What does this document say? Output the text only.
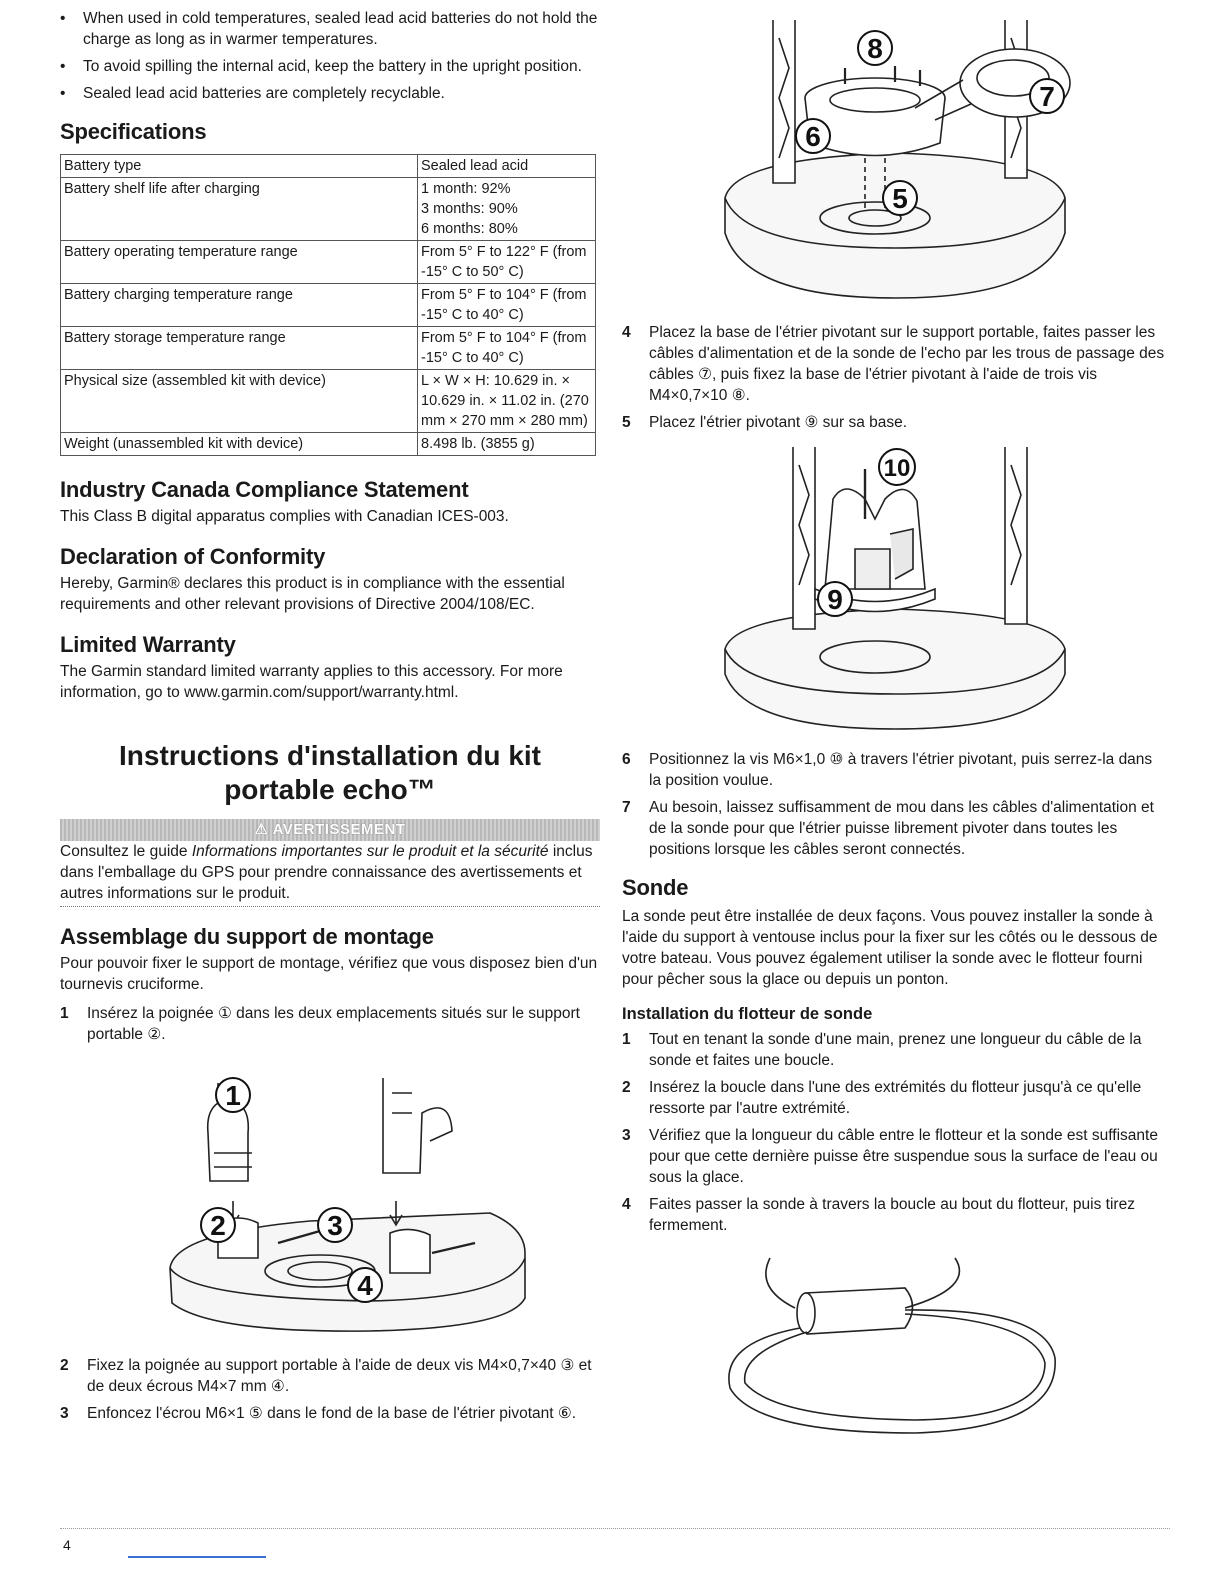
• When used in cold temperatures, sealed lead acid batteries do not hold the charge as long as in warmer temperatures.
• To avoid spilling the internal acid, keep the battery in the upright position.
• Sealed lead acid batteries are completely recyclable.
Specifications
Battery type	Sealed lead acid
Battery shelf life after charging	1 month: 92%
3 months: 90%
6 months: 80%
Battery operating temperature range	From 5° F to 122° F (from
-15° C to 50° C)
Battery charging temperature range	From 5° F to 104° F (from
-15° C to 40° C)
Battery storage temperature range	From 5° F to 104° F (from
-15° C to 40° C)
Physical size (assembled kit with device)	L × W × H: 10.629 in. ×
10.629 in. × 11.02 in. (270
mm × 270 mm × 280 mm)
Weight (unassembled kit with device)	8.498 lb. (3855 g)
Industry Canada Compliance Statement

This Class B digital apparatus complies with Canadian ICES-003.

Declaration of Conformity

Hereby, Garmin® declares this product is in compliance with the essential requirements and other relevant provisions of Directive 2004/108/EC.

Limited Warranty

The Garmin standard limited warranty applies to this accessory. For more information, go to www.garmin.com/support/warranty.html.

Instructions d'installation du kit portable echo™
⚠ AVERTISSEMENT

Consultez le guide Informations importantes sur le produit et la sécurité inclus dans l'emballage du GPS pour prendre connaissance des avertissements et autres informations sur le produit.

Assemblage du support de montage

Pour pouvoir fixer le support de montage, vérifiez que vous disposez bien d'un tournevis cruciforme.

1 Insérez la poignée ① dans les deux emplacements situés sur le support portable ②.
1
2	3
4
2 Fixez la poignée au support portable à l'aide de deux vis M4×0,7×40 ③ et de deux écrous M4×7 mm ④.
3 Enfoncez l'écrou M6×1 ⑤ dans le fond de la base de l'étrier pivotant ⑥.
5
6
7
8
4 Placez la base de l'étrier pivotant sur le support portable, faites passer les câbles d'alimentation et de la sonde de l'echo par les trous de passage des câbles ⑦, puis fixez la base de l'étrier pivotant à l'aide de trois vis M4×0,7×10 ⑧.
5 Placez l'étrier pivotant ⑨ sur sa base.
10
9
6 Positionnez la vis M6×1,0 ⑩ à travers l'étrier pivotant, puis serrez-la dans la position voulue.
7 Au besoin, laissez suffisamment de mou dans les câbles d'alimentation et de la sonde pour que l'étrier puisse librement pivoter dans toutes les positions lorsque les câbles seront connectés.
Sonde

La sonde peut être installée de deux façons. Vous pouvez installer la sonde à l'aide du support à ventouse inclus pour la fixer sur les côtés ou le dessous de votre bateau. Vous pouvez également utiliser la sonde avec le flotteur fourni pour pêcher sous la glace ou depuis un ponton.

Installation du flotteur de sonde
1 Tout en tenant la sonde d'une main, prenez une longueur du câble de la sonde et faites une boucle.
2 Insérez la boucle dans l'une des extrémités du flotteur jusqu'à ce qu'elle ressorte par l'autre extrémité.
3 Vérifiez que la longueur du câble entre le flotteur et la sonde est suffisante pour que cette dernière puisse être suspendue sous la surface de l'eau ou sous la glace.
4 Faites passer la sonde à travers la boucle au bout du flotteur, puis tirez fermement.
4
